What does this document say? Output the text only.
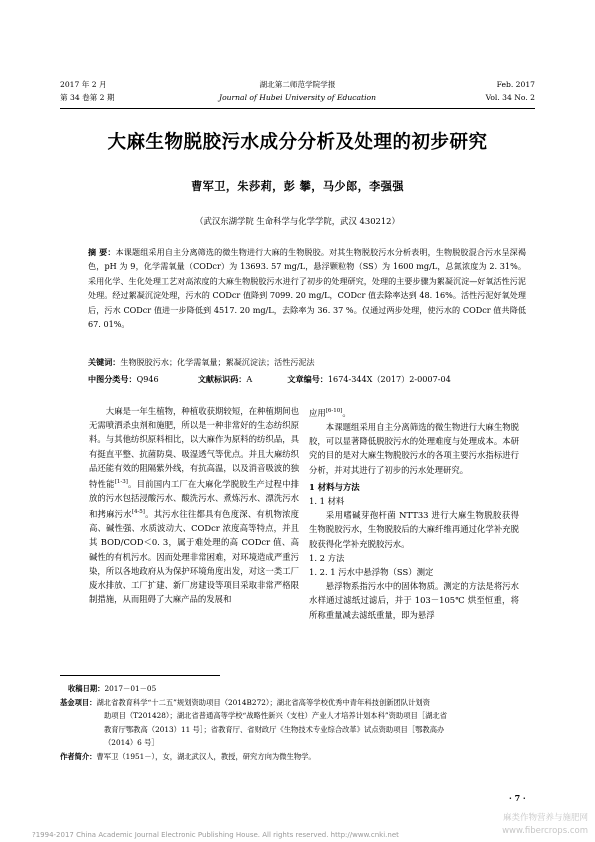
2017 年 2 月
第 34 卷第 2 期
湖北第二师范学院学报
Journal of Hubei University of Education
Feb. 2017
Vol. 34 No. 2
大麻生物脱胶污水成分分析及处理的初步研究
曹军卫，朱莎莉，彭 攀，马少郎，李强强
（武汉东湖学院 生命科学与化学学院，武汉 430212）
摘 要：本课题组采用自主分离筛选的微生物进行大麻的生物脱胶。对其生物脱胶污水分析表明，生物脱胶混合污水呈深褐色，pH 为 9，化学需氧量（CODcr）为 13693. 57 mg/L，悬浮颗粒物（SS）为 1600 mg/L，总氮浓度为 2. 31%。采用化学、生化处理工艺对高浓度的大麻生物脱胶污水进行了初步的处理研究，处理的主要步骤为絮凝沉淀—好氧活性污泥处理。经过絮凝沉淀处理，污水的 CODcr 值降到 7099. 20 mg/L，CODcr 值去除率达到 48. 16%。活性污泥好氧处理后，污水 CODcr 值进一步降低到 4517. 20 mg/L，去除率为 36. 37 %。仅通过两步处理，使污水的 CODcr 值共降低 67. 01%。
关键词：生物脱胶污水；化学需氧量；絮凝沉淀法；活性污泥法
中图分类号：Q946	文献标识码：A	文章编号：1674-344X（2017）2-0007-04

大麻是一年生植物，种植收获期较短，在种植期间也无需喷洒杀虫剂和施肥，所以是一种非常好的生态纺织原料。与其他纺织原料相比，以大麻作为原料的纺织品，具有挺直平整、抗菌防臭、吸湿透气等优点。并且大麻纺织品还能有效的阻隔紫外线，有抗高温，以及消音吸波的独特性能[1-3]。目前国内工厂在大麻化学脱胶生产过程中排放的污水包括浸酸污水、酸洗污水、煮炼污水、漂洗污水和拷麻污水[4-5]。其污水往往都具有色度深、有机物浓度高、碱性强、水质波动大、CODcr 浓度高等特点，并且其 BOD/COD＜0. 3，属于难处理的高 CODcr 值、高碱性的有机污水。因而处理非常困难，对环境造成严重污染，所以各地政府从为保护环境角度出发，对这一类工厂废水排放、工厂扩建、新厂房建设等项目采取非常严格限制措施，从而阻碍了大麻产品的发展和

应用[6-10]。

本课题组采用自主分离筛选的微生物进行大麻生物脱胶，可以显著降低脱胶污水的处理难度与处理成本。本研究的目的是对大麻生物脱胶污水的各项主要污水指标进行分析，并对其进行了初步的污水处理研究。

1 材料与方法

1. 1 材料

采用嗜碱芽孢杆菌 NTT33 进行大麻生物脱胶获得生物脱胶污水，生物脱胶后的大麻纤维再通过化学补充脱胶获得化学补充脱胶污水。

1. 2 方法

1. 2. 1 污水中悬浮物（SS）测定

悬浮物系指污水中的固体物质。测定的方法是将污水水样通过滤纸过滤后，并于 103－105℃ 烘至恒重，将所称重量减去滤纸重量，即为悬浮

收稿日期：2017－01－05
基金项目：湖北省教育科学“十二五”规划资助项目（2014B272）；湖北省高等学校优秀中青年科技创新团队计划资
助项目（T201428）；湖北省普通高等学校“战略性新兴（支柱）产业人才培养计划本科”资助项目［湖北省
教育厅鄂教高（2013）11 号］；省教育厅、省财政厅《生物技术专业综合改革》试点资助项目［鄂教高办
（2014）6 号］
作者简介：曹军卫（1951－），女，湖北武汉人，教授，研究方向为微生物学。
· 7 ·
麻类作物营养与施肥网
www.fibercrops.com
?1994-2017 China Academic Journal Electronic Publishing House. All rights reserved. http://www.cnki.net
